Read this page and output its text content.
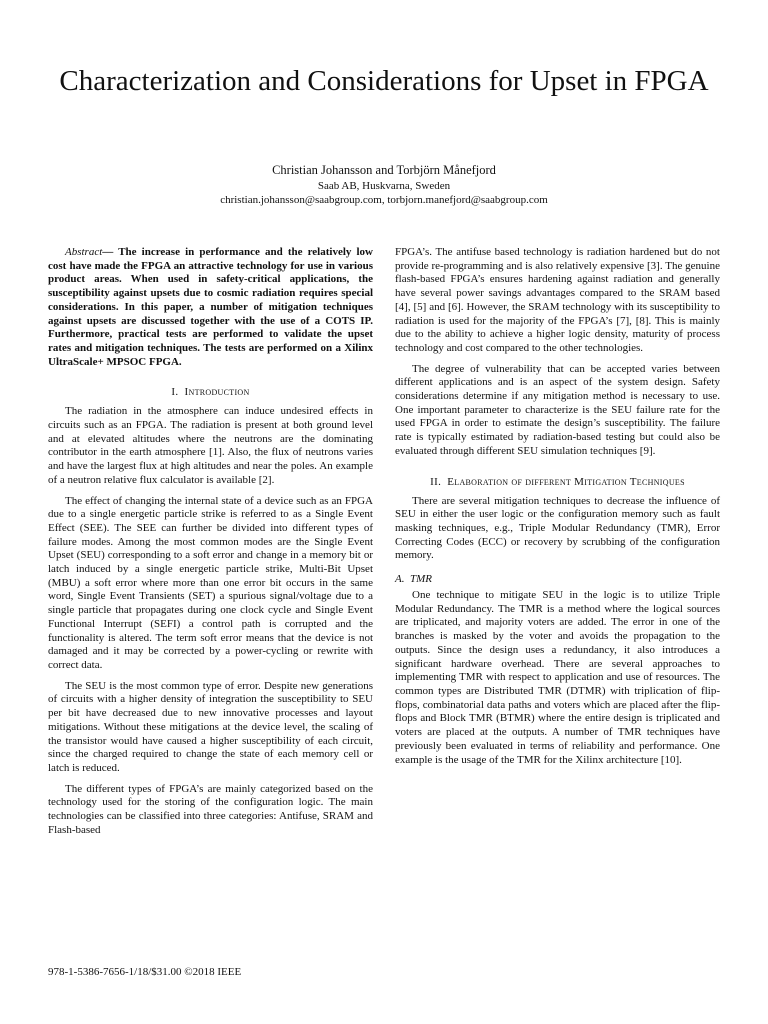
Characterization and Considerations for Upset in FPGA
Christian Johansson and Torbjörn Månefjord
Saab AB, Huskvarna, Sweden
christian.johansson@saabgroup.com, torbjorn.manefjord@saabgroup.com

Abstract— The increase in performance and the relatively low cost have made the FPGA an attractive technology for use in various product areas. When used in safety-critical applications, the susceptibility against upsets due to cosmic radiation requires special considerations. In this paper, a number of mitigation techniques against upsets are discussed together with the use of a COTS IP. Furthermore, practical tests are performed to validate the upset rates and mitigation techniques. The tests are performed on a Xilinx UltraScale+ MPSOC FPGA.

I. Introduction

The radiation in the atmosphere can induce undesired effects in circuits such as an FPGA. The radiation is present at both ground level and at elevated altitudes where the neutrons are the dominating contributor in the earth atmosphere [1]. Also, the flux of neutrons varies and have the largest flux at high altitudes and near the poles. An example of a neutron relative flux calculator is available [2].

The effect of changing the internal state of a device such as an FPGA due to a single energetic particle strike is referred to as a Single Event Effect (SEE). The SEE can further be divided into different types of failure modes. Among the most common modes are the Single Event Upset (SEU) corresponding to a soft error and change in a memory bit or latch induced by a single energetic particle strike, Multi-Bit Upset (MBU) a soft error where more than one error bit occurs in the same word, Single Event Transients (SET) a spurious signal/voltage due to a single particle that propagates during one clock cycle and Single Event Functional Interrupt (SEFI) a control path is corrupted and the functionality is altered. The term soft error means that the device is not damaged and it may be corrected by a power-cycling or rewrite with correct data.

The SEU is the most common type of error. Despite new generations of circuits with a higher density of integration the susceptibility to SEU per bit have decreased due to new innovative processes and layout mitigations. Without these mitigations at the device level, the scaling of the transistor would have caused a higher susceptibility of each circuit, since the charged required to change the state of each memory cell or latch is reduced.

The different types of FPGA’s are mainly categorized based on the technology used for the storing of the configuration logic. The main technologies can be classified into three categories: Antifuse, SRAM and Flash-based

FPGA’s. The antifuse based technology is radiation hardened but do not provide re-programming and is also relatively expensive [3]. The genuine flash-based FPGA’s ensures hardening against radiation and generally have several power savings advantages compared to the SRAM based [4], [5] and [6]. However, the SRAM technology with its susceptibility to radiation is used for the majority of the FPGA’s [7], [8]. This is mainly due to the ability to achieve a higher logic density, maturity of process technology and cost compared to the other technologies.

The degree of vulnerability that can be accepted varies between different applications and is an aspect of the system design. Safety considerations determine if any mitigation method is necessary to use. One important parameter to characterize is the SEU failure rate for the used FPGA in order to estimate the design’s susceptibility. The failure rate is typically estimated by radiation-based testing but could also be evaluated through different SEU simulation techniques [9].

II. Elaboration of different Mitigation Techniques

There are several mitigation techniques to decrease the influence of SEU in either the user logic or the configuration memory such as fault masking techniques, e.g., Triple Modular Redundancy (TMR), Error Correcting Codes (ECC) or recovery by scrubbing of the configuration memory.

A. TMR

One technique to mitigate SEU in the logic is to utilize Triple Modular Redundancy. The TMR is a method where the logical sources are triplicated, and majority voters are added. The error in one of the branches is masked by the voter and avoids the propagation to the outputs. Since the design uses a redundancy, it also introduces a significant hardware overhead. There are several approaches to implementing TMR with respect to application and use of resources. The common types are Distributed TMR (DTMR) with triplication of flip-flops, combinatorial data paths and voters which are placed after the flip-flops and Block TMR (BTMR) where the entire design is triplicated and voters are placed at the outputs. A number of TMR techniques have previously been evaluated in terms of reliability and performance. One example is the usage of the TMR for the Xilinx architecture [10].

978-1-5386-7656-1/18/$31.00 ©2018 IEEE
